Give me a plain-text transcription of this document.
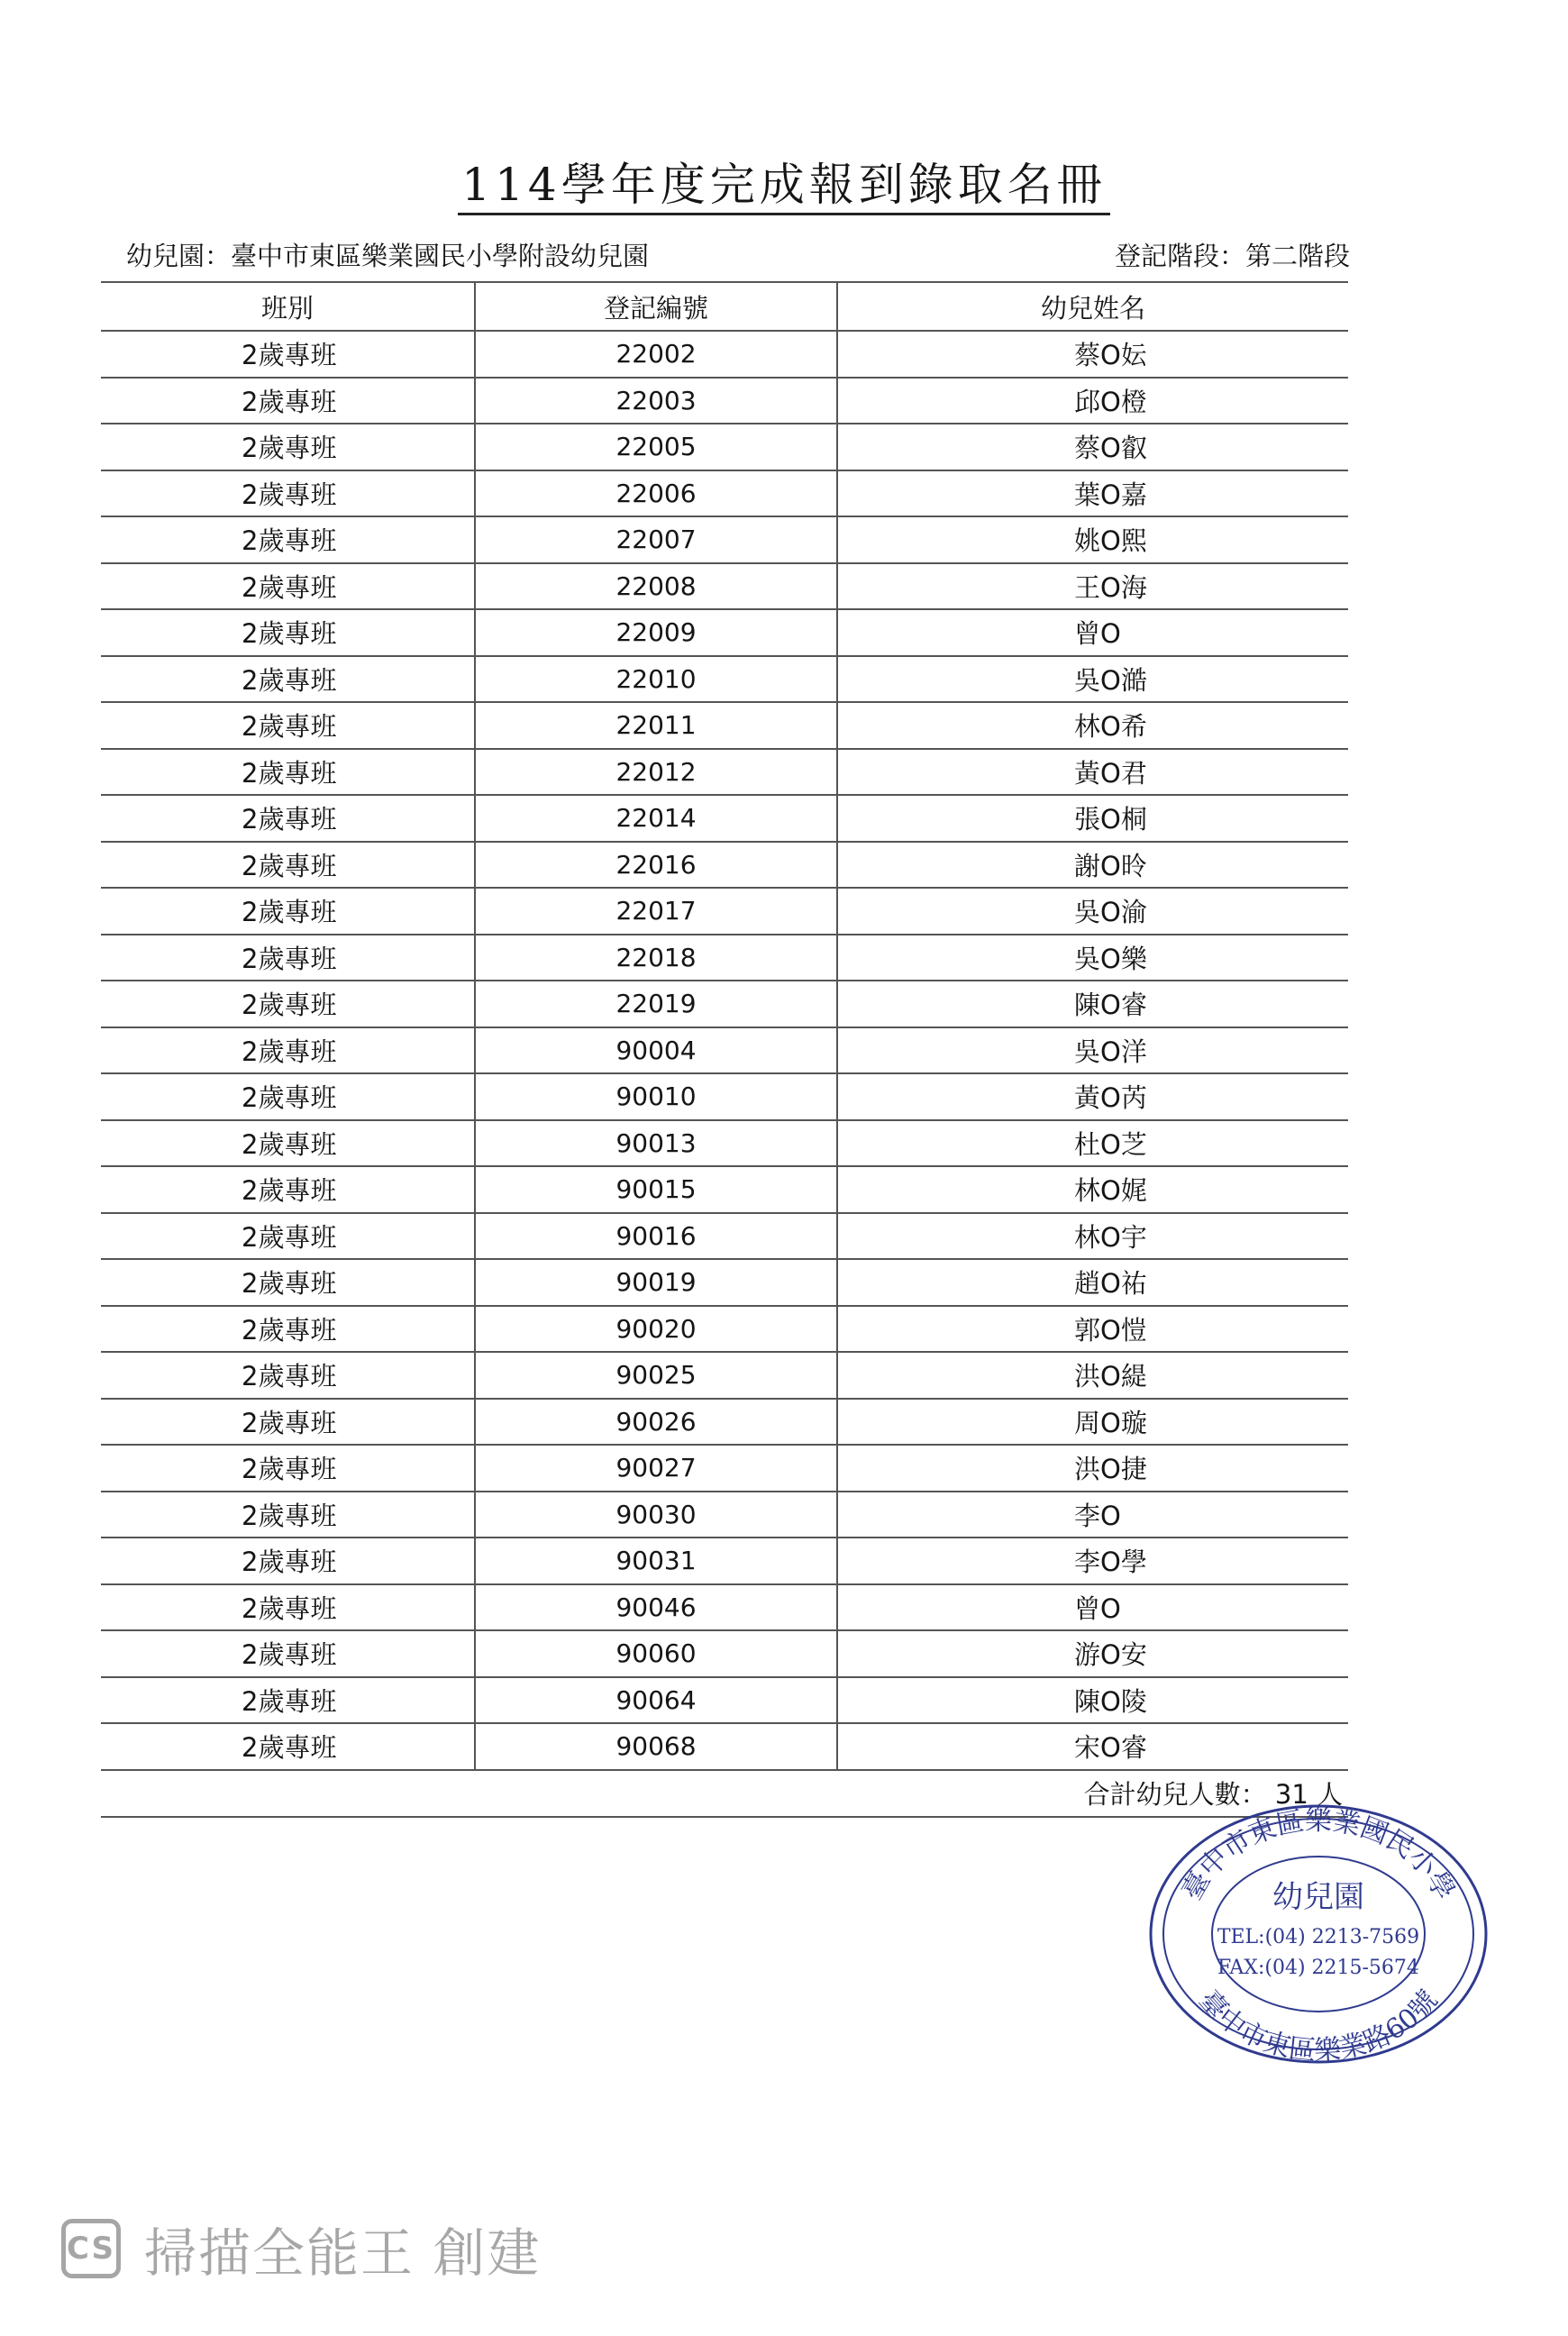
114學年度完成報到錄取名冊
幼兒園：臺中市東區樂業國民小學附設幼兒園	登記階段：第二階段
班別	登記編號	幼兒姓名
2歲專班	22002	蔡O妘
2歲專班	22003	邱O橙
2歲專班	22005	蔡O叡
2歲專班	22006	葉O嘉
2歲專班	22007	姚O熙
2歲專班	22008	王O海
2歲專班	22009	曾O
2歲專班	22010	吳O澔
2歲專班	22011	林O希
2歲專班	22012	黃O君
2歲專班	22014	張O桐
2歲專班	22016	謝O昤
2歲專班	22017	吳O渝
2歲專班	22018	吳O樂
2歲專班	22019	陳O睿
2歲專班	90004	吳O洋
2歲專班	90010	黃O芮
2歲專班	90013	杜O芝
2歲專班	90015	林O娓
2歲專班	90016	林O宇
2歲專班	90019	趙O祐
2歲專班	90020	郭O愷
2歲專班	90025	洪O緹
2歲專班	90026	周O璇
2歲專班	90027	洪O捷
2歲專班	90030	李O
2歲專班	90031	李O學
2歲專班	90046	曾O
2歲專班	90060	游O安
2歲專班	90064	陳O陵
2歲專班	90068	宋O睿
合計幼兒人數： 31 人		
臺中市東區樂業國民小學
臺中市東區樂業路60號
幼兒園
TEL:(04) 2213-7569
FAX:(04) 2215-5674
CS 掃描全能王 創建
